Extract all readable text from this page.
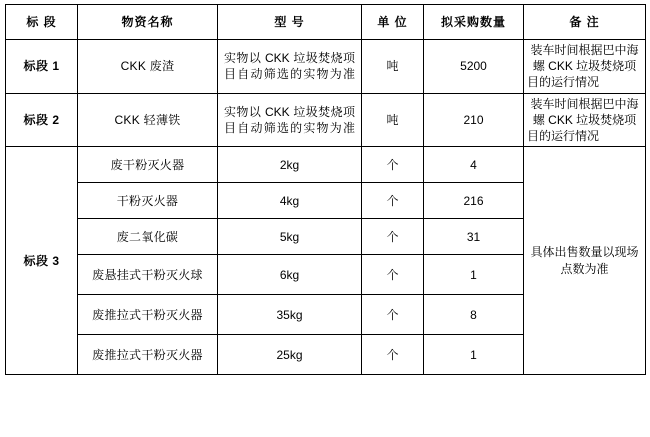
标 段	物资名称	型 号	单 位	拟采购数量	备 注
标段 1	CKK 废渣	实物以 CKK 垃圾焚烧项目自动筛选的实物为准	吨	5200	装车时间根据巴中海螺 CKK 垃圾焚烧项目的运行情况
标段 2	CKK 轻薄铁	实物以 CKK 垃圾焚烧项目自动筛选的实物为准	吨	210	装车时间根据巴中海螺 CKK 垃圾焚烧项目的运行情况
标段 3	废干粉灭火器	2kg	个	4	具体出售数量以现场点数为准
	干粉灭火器	4kg	个	216	
	废二氧化碳	5kg	个	31	
	废悬挂式干粉灭火球	6kg	个	1	
	废推拉式干粉灭火器	35kg	个	8	
	废推拉式干粉灭火器	25kg	个	1	
